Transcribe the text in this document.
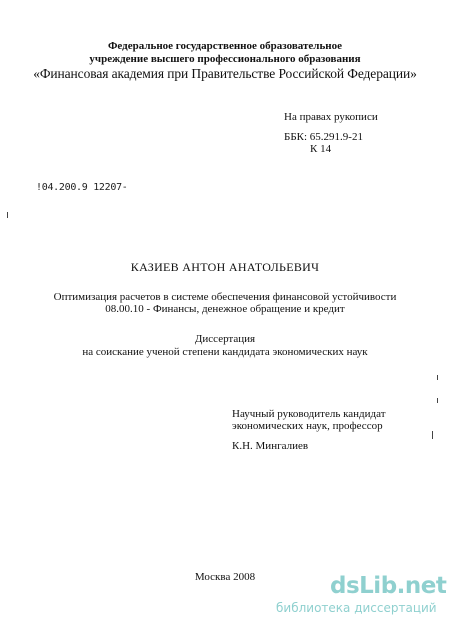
Федеральное государственное образовательное
учреждение высшего профессионального образования
«Финансовая академия при Правительстве Российской Федерации»
На правах рукописи
ББК: 65.291.9-21
К 14
!04.200.9 12207-
КАЗИЕВ АНТОН АНАТОЛЬЕВИЧ
Оптимизация расчетов в системе обеспечения финансовой устойчивости
08.00.10 - Финансы, денежное обращение и кредит
Диссертация
на соискание ученой степени кандидата экономических наук
Научный руководитель кандидат
экономических наук, профессор
К.Н. Мингалиев
Москва 2008	dsLib.net
библиотека диссертаций
